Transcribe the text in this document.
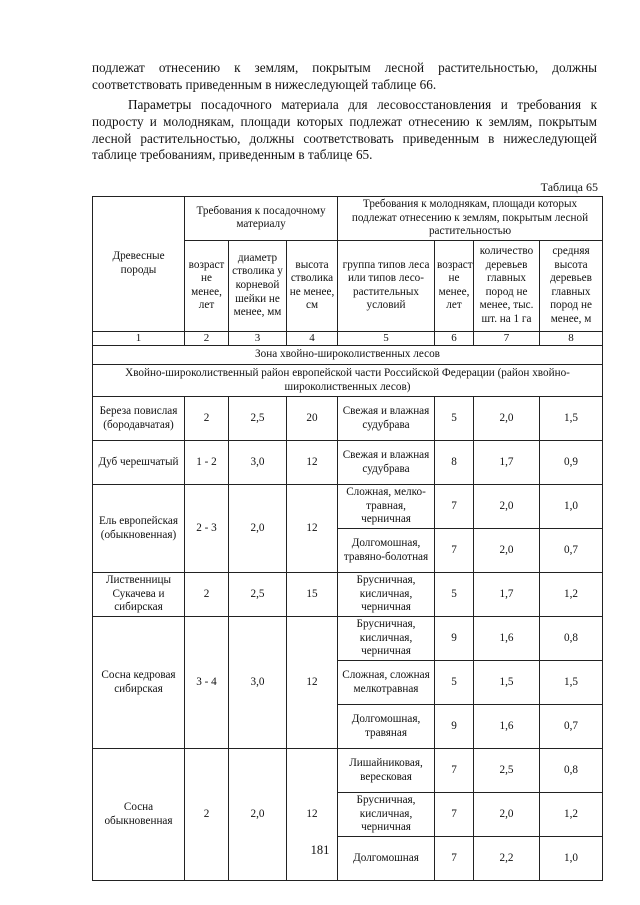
подлежат отнесению к землям, покрытым лесной растительностью, должны соответствовать приведенным в нижеследующей таблице 66.

Параметры посадочного материала для лесовосстановления и требования к подросту и молоднякам, площади которых подлежат отнесению к землям, покрытым лесной растительностью, должны соответствовать приведенным в нижеследующей таблице требованиям, приведенным в таблице 65.

Таблица 65
Древесные породы	Требования к посадочному материалу			Требования к молоднякам, площади которых подлежат отнесению к землям, покрытым лесной растительностью			
	возраст не менее, лет	диаметр стволика у корневой шейки не менее, мм	высота стволика не менее, см	группа типов леса или типов лесо-растительных условий	возраст не менее, лет	количество деревьев главных пород не менее, тыс. шт. на 1 га	средняя высота деревьев главных пород не менее, м
1	2	3	4	5	6	7	8
Зона хвойно-широколиственных лесов							
Хвойно-широколиственный район европейской части Российской Федерации (район хвойно-широколиственных лесов)							
Береза повислая (бородавчатая)	2	2,5	20	Свежая и влажная судубрава	5	2,0	1,5
Дуб черешчатый	1 - 2	3,0	12	Свежая и влажная судубрава	8	1,7	0,9
Ель европейская (обыкновенная)	2 - 3	2,0	12	Сложная, мелко-травная, черничная	7	2,0	1,0
				Долгомошная, травяно-болотная	7	2,0	0,7
Лиственницы Сукачева и сибирская	2	2,5	15	Брусничная, кисличная, черничная	5	1,7	1,2
Сосна кедровая сибирская	3 - 4	3,0	12	Брусничная, кисличная, черничная	9	1,6	0,8
				Сложная, сложная мелкотравная	5	1,5	1,5
				Долгомошная, травяная	9	1,6	0,7
Сосна обыкновенная	2	2,0	12	Лишайниковая, вересковая	7	2,5	0,8
				Брусничная, кисличная, черничная	7	2,0	1,2
				Долгомошная	7	2,2	1,0
181
